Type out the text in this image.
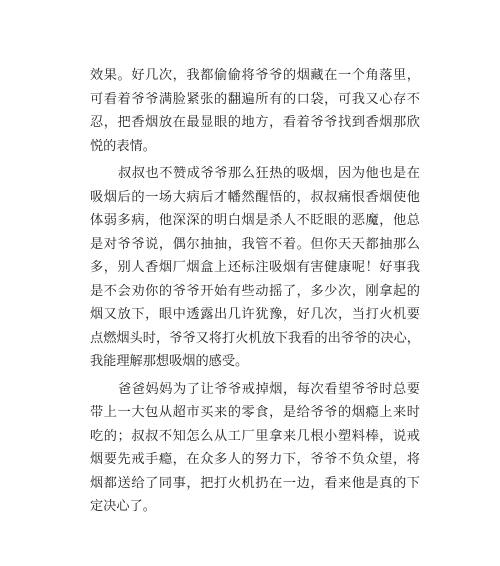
效果。好几次，我都偷偷将爷爷的烟藏在一个角落里，
可看着爷爷满脸紧张的翻遍所有的口袋，可我又心存不
忍，把香烟放在最显眼的地方，看着爷爷找到香烟那欣
悦的表情。
叔叔也不赞成爷爷那么狂热的吸烟，因为他也是在
吸烟后的一场大病后才幡然醒悟的，叔叔痛恨香烟使他
体弱多病，他深深的明白烟是杀人不眨眼的恶魔，他总
是对爷爷说，偶尔抽抽，我管不着。但你天天都抽那么
多，别人香烟厂烟盒上还标注吸烟有害健康呢！好事我
是不会劝你的爷爷开始有些动摇了，多少次，刚拿起的
烟又放下，眼中透露出几许犹豫，好几次，当打火机要
点燃烟头时，爷爷又将打火机放下我看的出爷爷的决心，
我能理解那想吸烟的感受。
爸爸妈妈为了让爷爷戒掉烟，每次看望爷爷时总要
带上一大包从超市买来的零食，是给爷爷的烟瘾上来时
吃的；叔叔不知怎么从工厂里拿来几根小塑料棒，说戒
烟要先戒手瘾，在众多人的努力下，爷爷不负众望，将
烟都送给了同事，把打火机扔在一边，看来他是真的下
定决心了。
